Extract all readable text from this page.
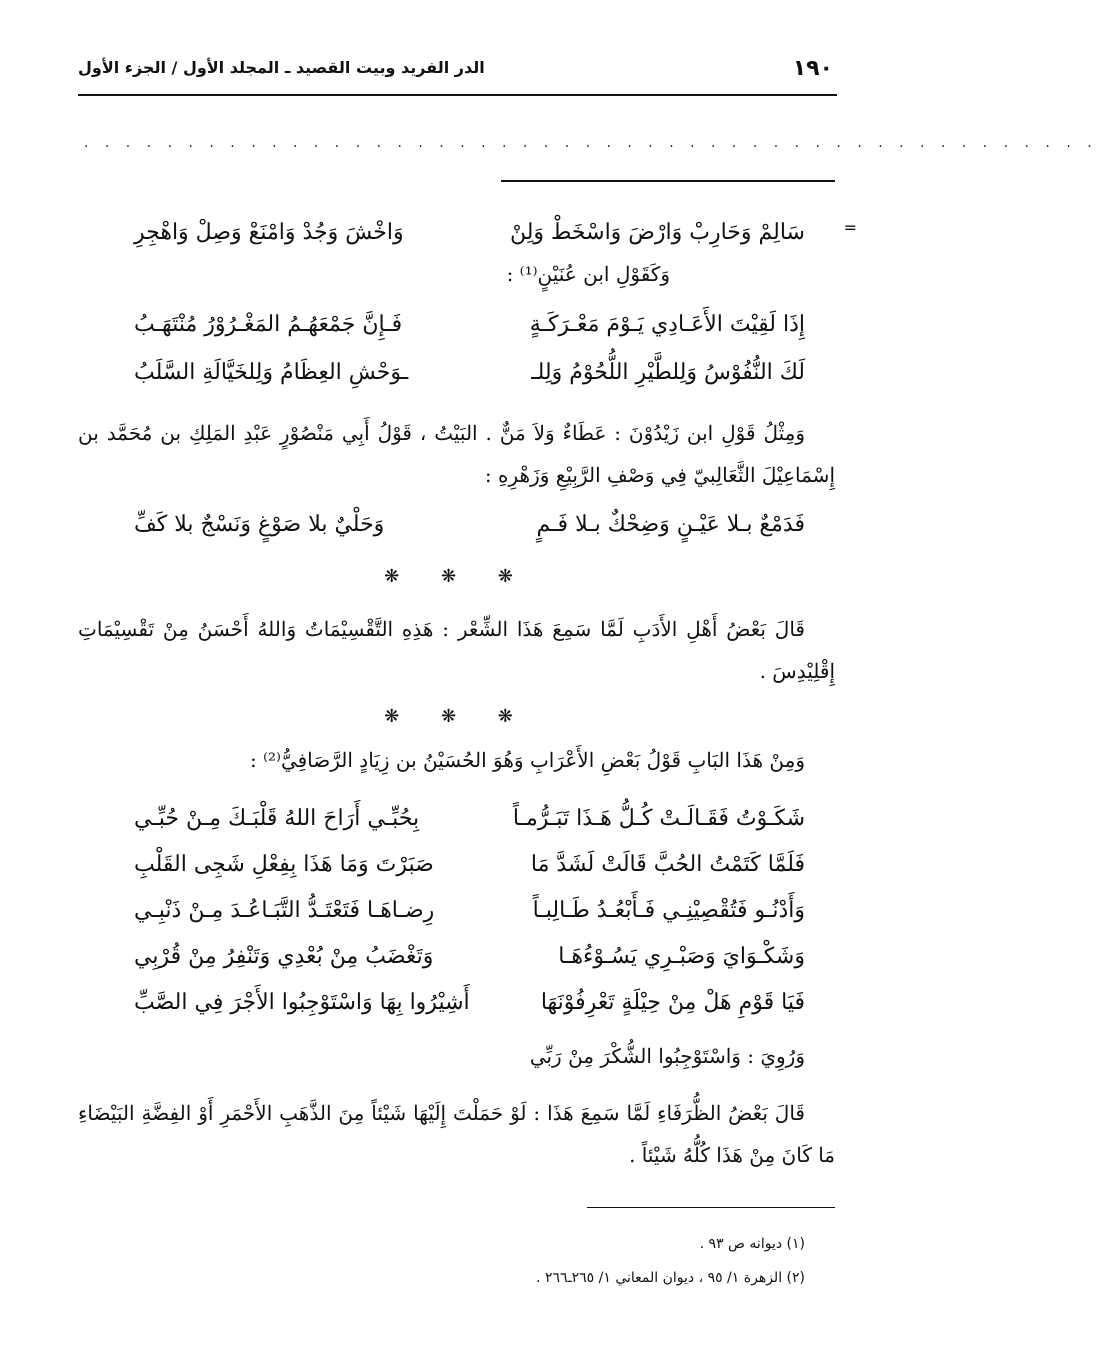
١٩٠
الدر الفريد وبيت القصيد ـ المجلد الأول / الجزء الأول
. . . . . . . . . . . . . . . . . . . . . . . . . . . . . . . . . . . . . . . . . . . . . . . . .
=
سَالِمْ وَحَارِبْ وَارْضَ وَاسْخَطْ وَلِنْ
وَاخْشَ وَجُدْ وَامْنَعْ وَصِلْ وَاهْجِرِ
وَكَقَوْلِ ابن عُنَيْنٍ⁽¹⁾ :
إِذَا لَقِيْتَ الأَعَـادِي يَـوْمَ مَعْـرَكَـةٍ
فَـإِنَّ جَمْعَهُـمُ المَغْـرُوْرُ مُنْتَهَـبُ
لَكَ النُّفُوْسُ وَلِلطَّيْرِ اللُّحُوْمُ وَلِلـ
ـوَحْشِ العِظَامُ وَلِلخَيَّالَةِ السَّلَبُ
وَمِثْلُ قَوْلِ ابن زَيْدُوْنَ : عَطَاءٌ وَلاَ مَنٌّ . البَيْتُ ، قَوْلُ أَبِي مَنْصُوْرٍ عَبْدِ المَلِكِ بن مُحَمَّد بن إِسْمَاعِيْلَ الثَّعَالِبيّ فِي وَصْفِ الرَّبِيْعِ وَزَهْرِهِ :
فَدَمْعٌ بـلا عَيْـنٍ وَضِحْكٌ بـلا فَـمٍ
وَحَلْيٌ بلا صَوْغٍ وَنَسْجٌ بلا كَفِّ
❋ ❋ ❋
قَالَ بَعْضُ أَهْلِ الأَدَبِ لَمَّا سَمِعَ هَذَا الشِّعْر : هَذِهِ التَّقْسِيْمَاتُ وَاللهُ أَحْسَنُ مِنْ تَقْسِيْمَاتِ إِقْلِيْدِسَ .
❋ ❋ ❋
وَمِنْ هَذَا البَابِ قَوْلُ بَعْضِ الأَعْرَابِ وَهُوَ الحُسَيْنُ بن زِيَادٍ الرَّصَافِيُّ⁽²⁾ :
شَكَـوْتُ فَقَـالَـتْ كُـلُّ هَـذَا تَبَـرُّمـاً
بِحُبِّـي أَرَاحَ اللهُ قَلْبَـكَ مِـنْ حُبِّـي
فَلَمَّا كَتَمْتُ الحُبَّ قَالَتْ لَشَدَّ مَا
صَبَرْتَ وَمَا هَذَا بِفِعْلِ شَجِى القَلْبِ
وَأَدْنُـو فَتُقْصِيْنِـي فَـأَبْعُـدُ طَـالِبـاً
رِضـاهَـا فَتَعْتَـدُّ التَّبَـاعُـدَ مِـنْ ذَنْبِـي
وَشَكْـوَايَ وَصَبْـرِي يَسُـوْءُهَـا
وَتَغْضَبُ مِنْ بُعْدِي وَتَنْفِرُ مِنْ قُرْبِي
فَيَا قَوْمِ هَلْ مِنْ حِيْلَةٍ تَعْرِفُوْنَهَا
أَشِيْرُوا بِهَا وَاسْتَوْجِبُوا الأَجْرَ فِي الصَّبِّ
وَرُوِيَ : وَاسْتَوْجِبُوا الشُّكْرَ مِنْ رَبِّي
قَالَ بَعْضُ الظُّرَفَاءِ لَمَّا سَمِعَ هَذَا : لَوْ حَمَلْتَ إِلَيْهَا شَيْئاً مِنَ الذَّهَبِ الأَحْمَرِ أَوْ الفِضَّةِ البَيْضَاءِ مَا كَانَ مِنْ هَذَا كُلُّهُ شَيْئاً .
(١) ديوانه ص ٩٣ .
(٢) الزهرة ١/ ٩٥ ، ديوان المعاني ١/ ٢٦٥ـ٢٦٦ .
